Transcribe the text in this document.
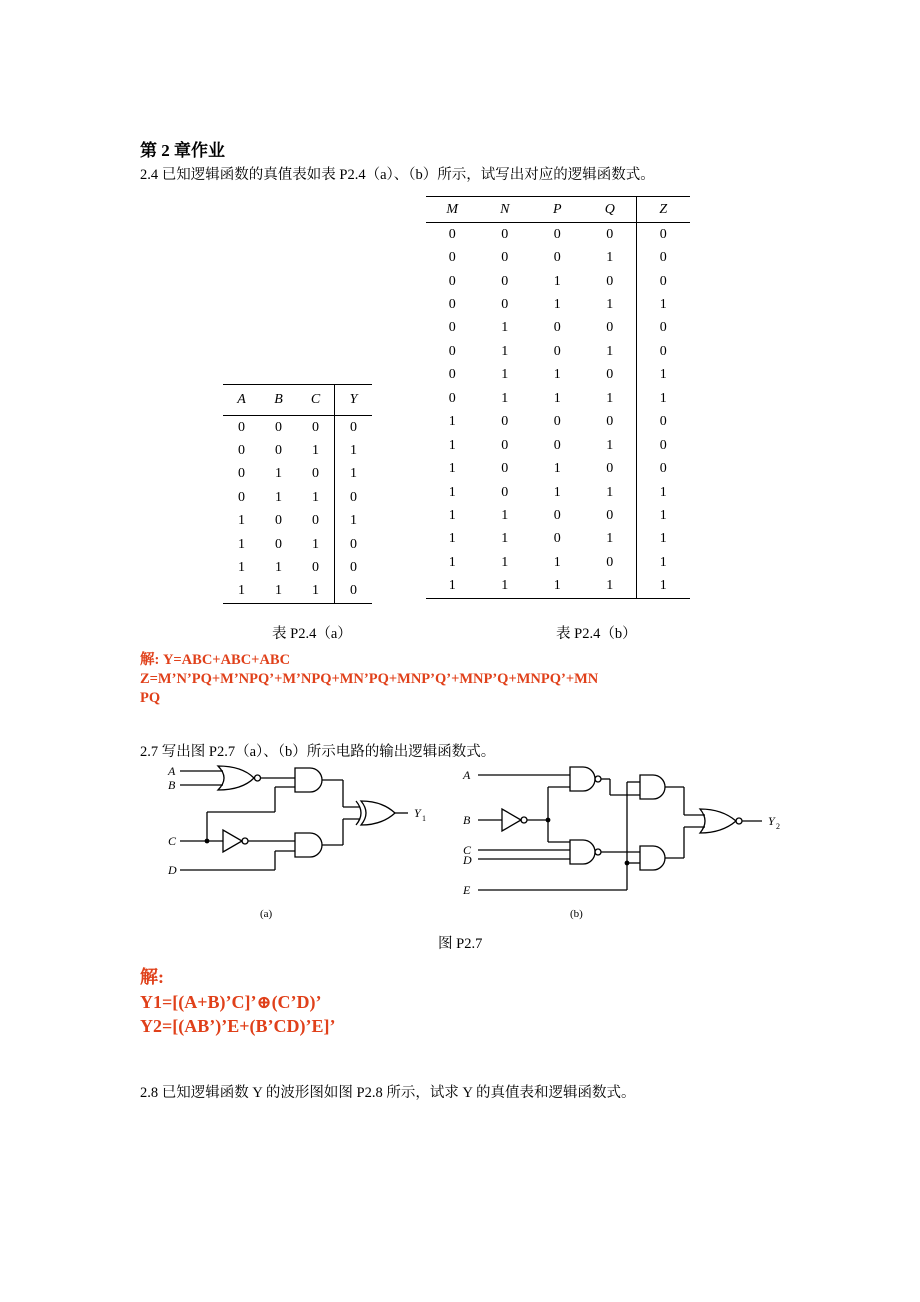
第 2 章作业
2.4 已知逻辑函数的真值表如表 P2.4（a）、（b）所示，试写出对应的逻辑函数式。
A	B	C	Y
0	0	0	0
0	0	1	1
0	1	0	1
0	1	1	0
1	0	0	1
1	0	1	0
1	1	0	0
1	1	1	0
表 P2.4（a）
M	N	P	Q	Z
0	0	0	0	0
0	0	0	1	0
0	0	1	0	0
0	0	1	1	1
0	1	0	0	0
0	1	0	1	0
0	1	1	0	1
0	1	1	1	1
1	0	0	0	0
1	0	0	1	0
1	0	1	0	0
1	0	1	1	1
1	1	0	0	1
1	1	0	1	1
1	1	1	0	1
1	1	1	1	1
表 P2.4（b）
解: Y=ABC+ABC+ABC
Z=M’N’PQ+M’NPQ’+M’NPQ+MN’PQ+MNP’Q’+MNP’Q+MNPQ’+MN
PQ
2.7 写出图 P2.7（a）、（b）所示电路的输出逻辑函数式。
A
B
C
D
Y
A
B
C
D
E
Y
1
2
(a)	(b)
图 P2.7
解:
Y1=[(A+B)’C]’⊕(C’D)’
Y2=[(AB’)’E+(B’CD)’E]’
2.8 已知逻辑函数 Y 的波形图如图 P2.8 所示，试求 Y 的真值表和逻辑函数式。
